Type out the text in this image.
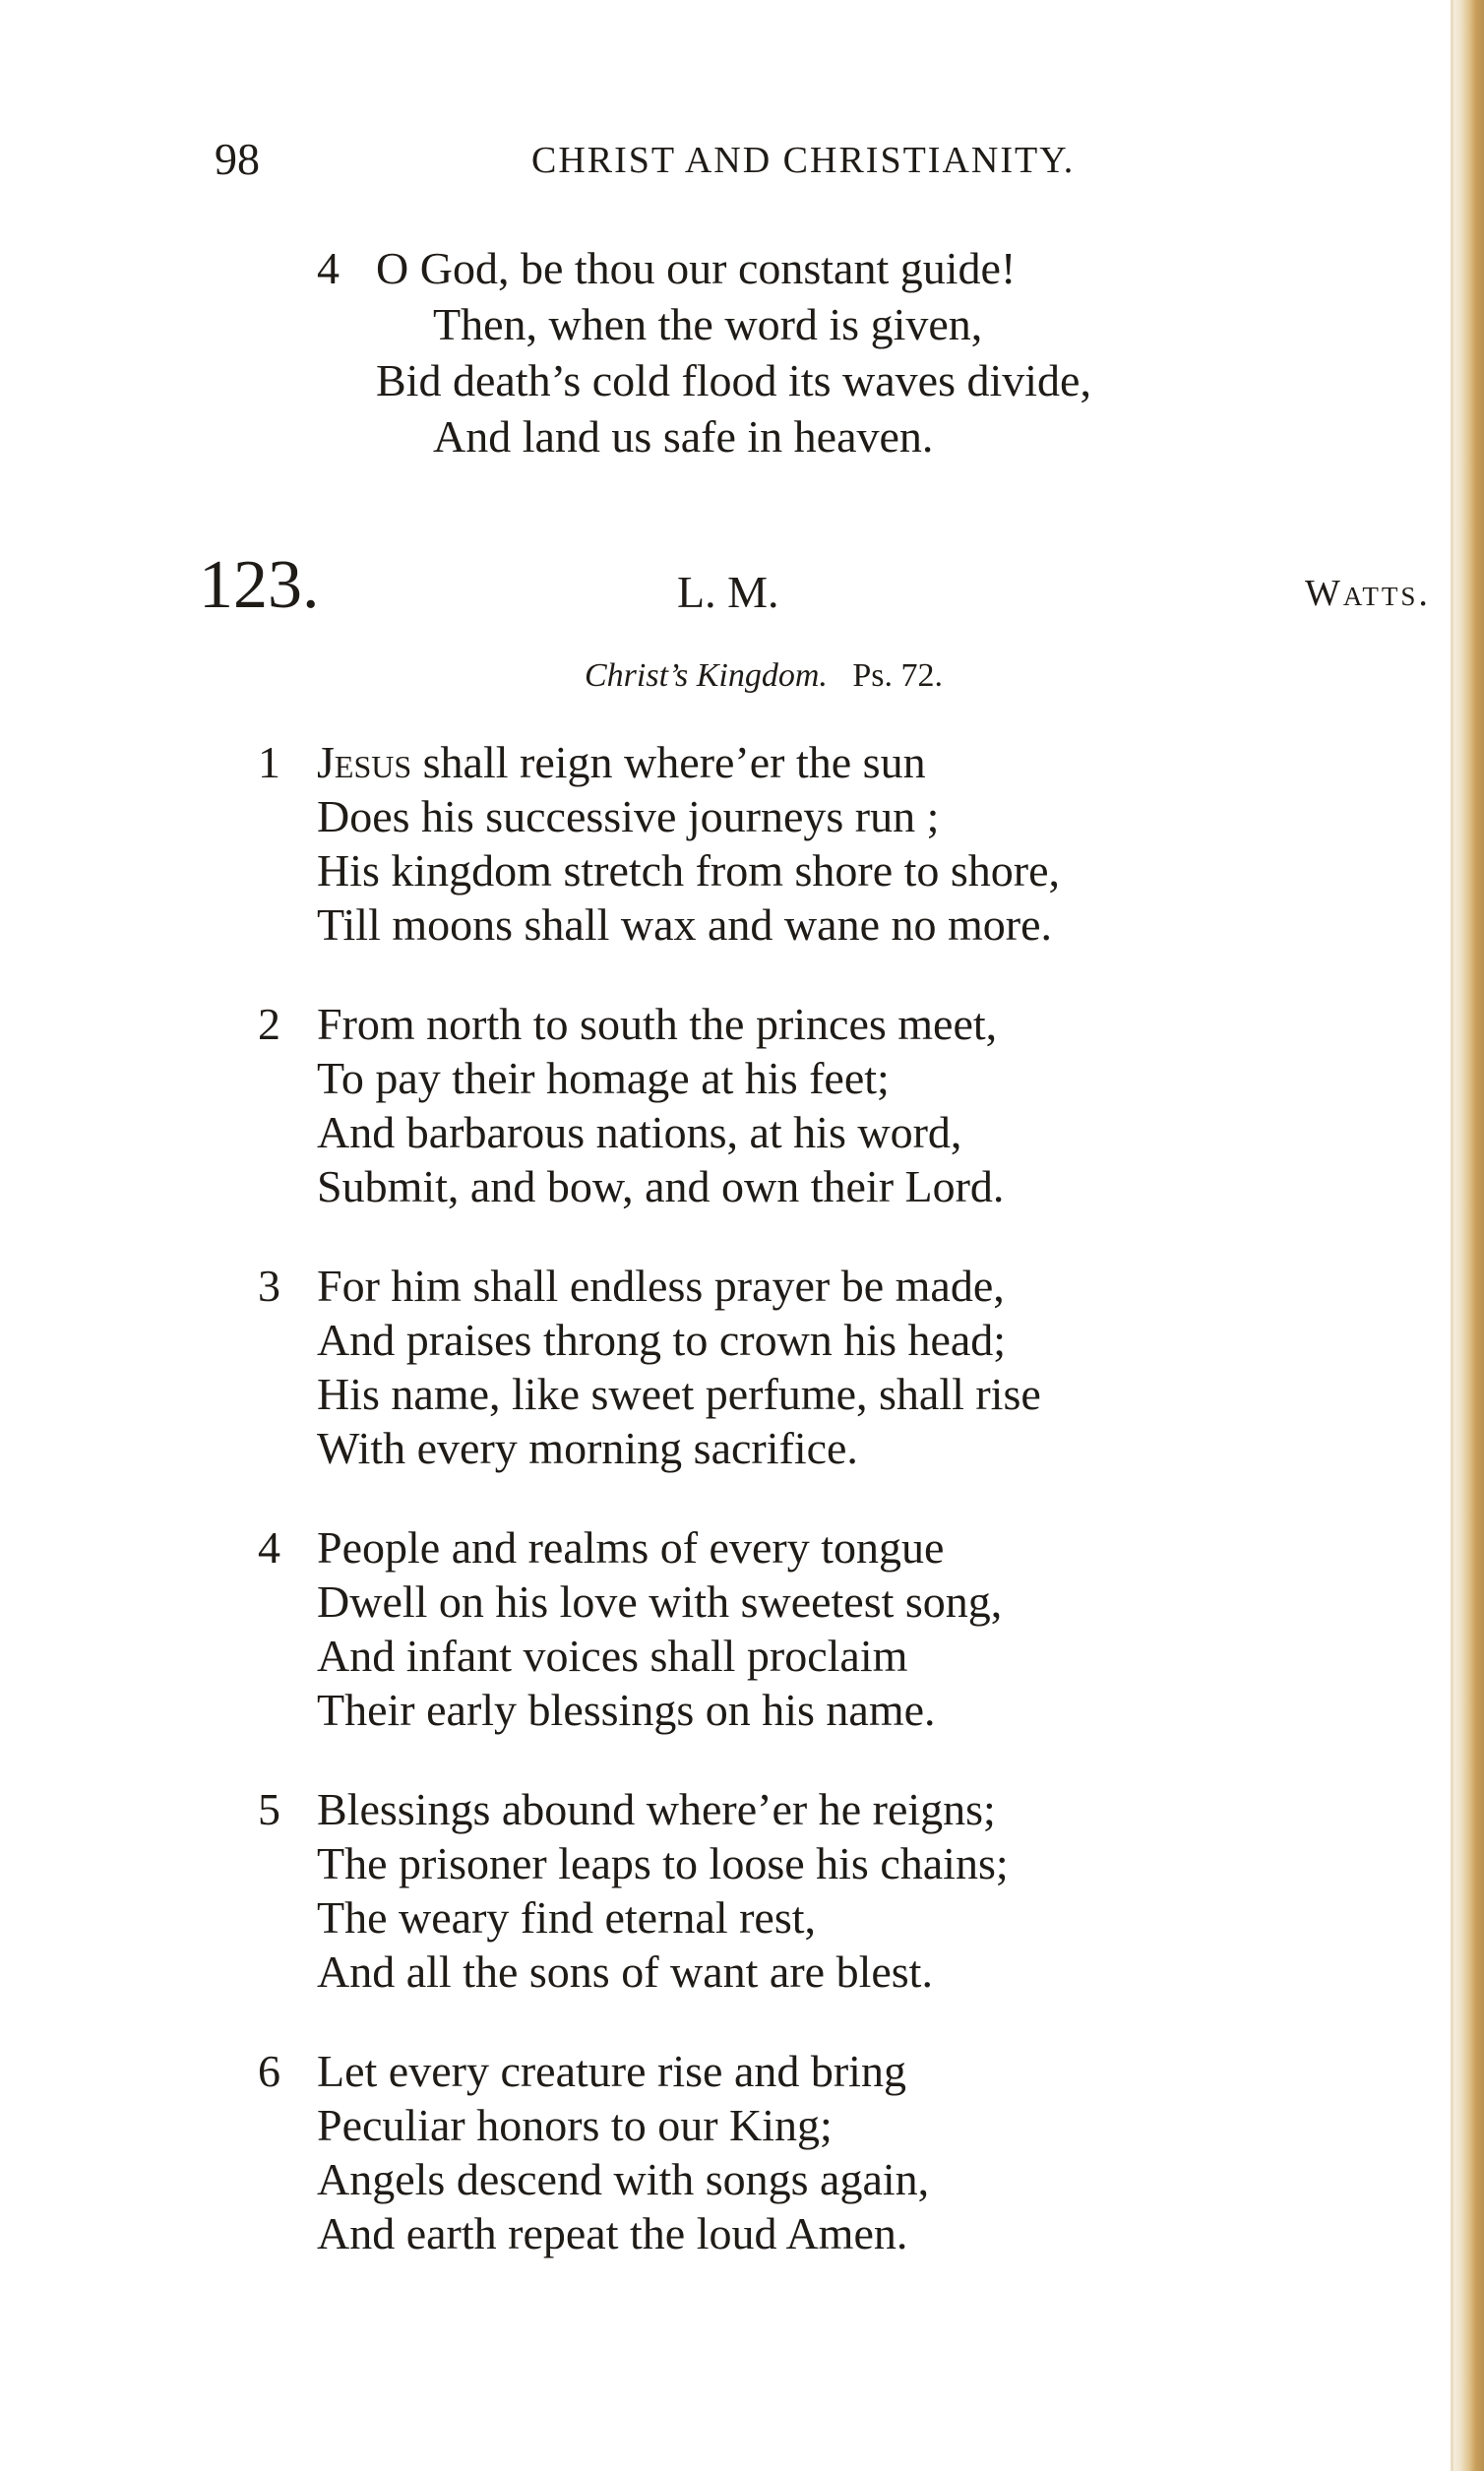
98	CHRIST AND CHRISTIANITY.
4 O God, be thou our constant guide!
Then, when the word is given,
Bid death’s cold flood its waves divide,
And land us safe in heaven.
123.	L. M.	Watts.
Christ’s Kingdom. Ps. 72.
1 Jesus shall reign where’er the sun
Does his successive journeys run ;
His kingdom stretch from shore to shore,
Till moons shall wax and wane no more.
2 From north to south the princes meet,
To pay their homage at his feet;
And barbarous nations, at his word,
Submit, and bow, and own their Lord.
3 For him shall endless prayer be made,
And praises throng to crown his head;
His name, like sweet perfume, shall rise
With every morning sacrifice.
4 People and realms of every tongue
Dwell on his love with sweetest song,
And infant voices shall proclaim
Their early blessings on his name.
5 Blessings abound where’er he reigns;
The prisoner leaps to loose his chains;
The weary find eternal rest,
And all the sons of want are blest.
6 Let every creature rise and bring
Peculiar honors to our King;
Angels descend with songs again,
And earth repeat the loud Amen.
